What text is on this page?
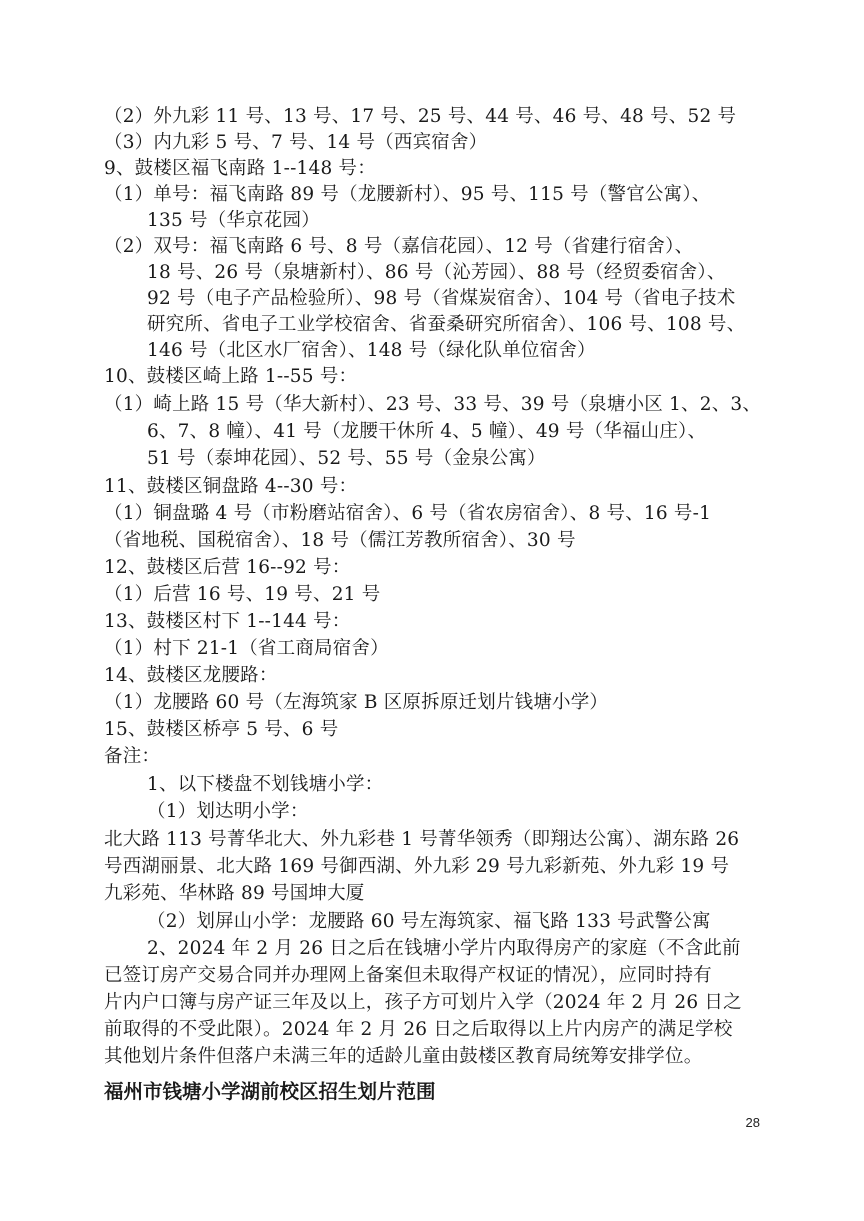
（2）外九彩 11 号、13 号、17 号、25 号、44 号、46 号、48 号、52 号
（3）内九彩 5 号、7 号、14 号（西宾宿舍）
9、鼓楼区福飞南路 1--148 号：
（1）单号：福飞南路 89 号（龙腰新村）、95 号、115 号（警官公寓）、
135 号（华京花园）
（2）双号：福飞南路 6 号、8 号（嘉信花园）、12 号（省建行宿舍）、
18 号、26 号（泉塘新村）、86 号（沁芳园）、88 号（经贸委宿舍）、
92 号（电子产品检验所）、98 号（省煤炭宿舍）、104 号（省电子技术
研究所、省电子工业学校宿舍、省蚕桑研究所宿舍）、106 号、108 号、
146 号（北区水厂宿舍）、148 号（绿化队单位宿舍）
10、鼓楼区崎上路 1--55 号：
（1）崎上路 15 号（华大新村）、23 号、33 号、39 号（泉塘小区 1、2、3、
6、7、8 幢）、41 号（龙腰干休所 4、5 幢）、49 号（华福山庄）、
51 号（泰坤花园）、52 号、55 号（金泉公寓）
11、鼓楼区铜盘路 4--30 号：
（1）铜盘璐 4 号（市粉磨站宿舍）、6 号（省农房宿舍）、8 号、16 号-1
（省地税、国税宿舍）、18 号（儒江芳教所宿舍）、30 号
12、鼓楼区后营 16--92 号：
（1）后营 16 号、19 号、21 号
13、鼓楼区村下 1--144 号：
（1）村下 21-1（省工商局宿舍）
14、鼓楼区龙腰路：
（1）龙腰路 60 号（左海筑家 B 区原拆原迁划片钱塘小学）
15、鼓楼区桥亭 5 号、6 号
备注：
1、以下楼盘不划钱塘小学：
（1）划达明小学：
北大路 113 号菁华北大、外九彩巷 1 号菁华领秀（即翔达公寓）、湖东路 26
号西湖丽景、北大路 169 号御西湖、外九彩 29 号九彩新苑、外九彩 19 号
九彩苑、华林路 89 号国坤大厦
（2）划屏山小学：龙腰路 60 号左海筑家、福飞路 133 号武警公寓
2、2024 年 2 月 26 日之后在钱塘小学片内取得房产的家庭（不含此前
已签订房产交易合同并办理网上备案但未取得产权证的情况），应同时持有
片内户口簿与房产证三年及以上，孩子方可划片入学（2024 年 2 月 26 日之
前取得的不受此限）。2024 年 2 月 26 日之后取得以上片内房产的满足学校
其他划片条件但落户未满三年的适龄儿童由鼓楼区教育局统筹安排学位。
福州市钱塘小学湖前校区招生划片范围
28
